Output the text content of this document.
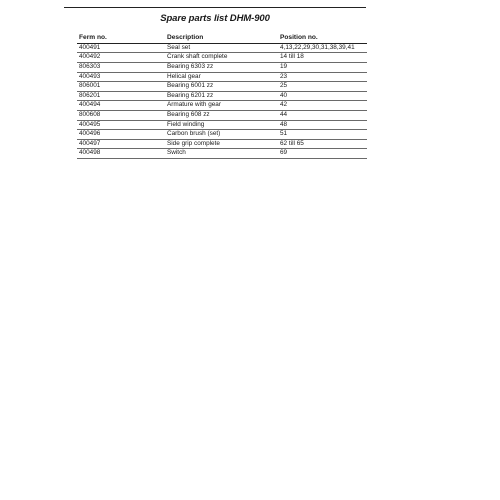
Spare parts list DHM-900
Ferm no.	Description	Position no.
400491	Seal set	4,13,22,29,30,31,38,39,41
400492	Crank shaft complete	14 till 18
806303	Bearing 6303 zz	19
400493	Helical gear	23
806001	Bearing 6001 zz	25
806201	Bearing 6201 zz	40
400494	Armature with gear	42
800608	Bearing 608 zz	44
400495	Field winding	48
400496	Carbon brush (set)	51
400497	Side grip complete	62 till 65
400498	Switch	69
